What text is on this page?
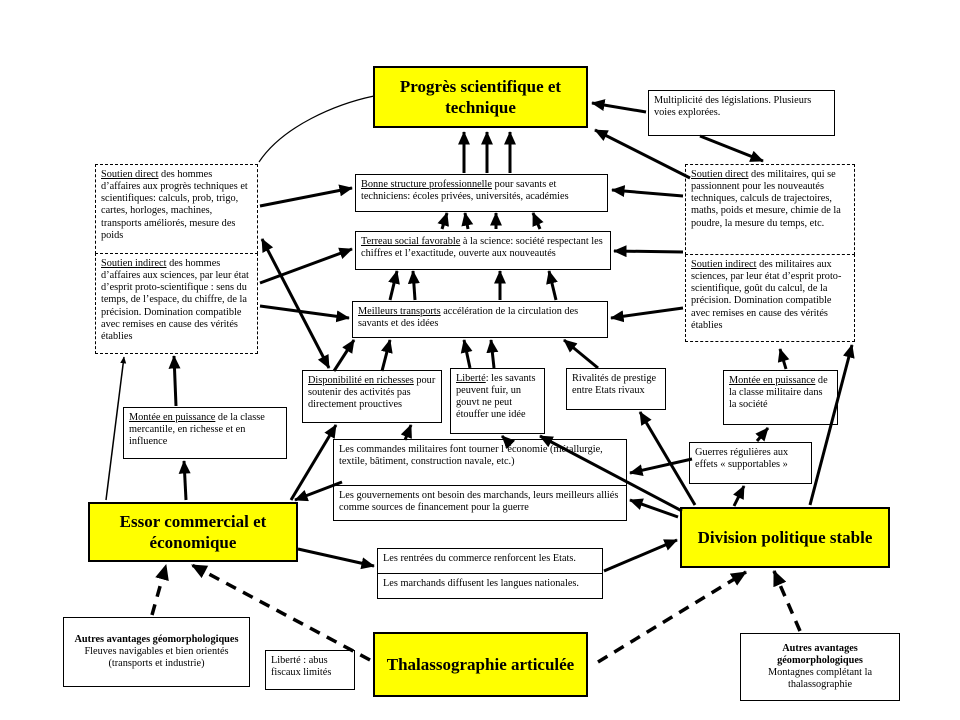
Progrès scientifique et technique
Essor commercial et économique	Division politique stable
Thalassographie articulée
Multiplicité des législations. Plusieurs voies explorées.
Soutien direct des hommes d’affaires aux progrès techniques et scientifiques: calculs, prob, trigo, cartes, horloges, machines, transports améliorés, mesure des poids
Soutien indirect des hommes d’affaires aux sciences, par leur état d’esprit proto-scientifique : sens du temps, de l’espace, du chiffre, de la précision. Domination compatible avec remises en cause des vérités établies
Soutien direct des militaires, qui se passionnent pour les nouveautés techniques, calculs de trajectoires, maths, poids et mesure, chimie de la poudre, la mesure du temps, etc.
Soutien indirect des militaires aux sciences, par leur état d’esprit proto-scientifique, goût du calcul, de la précision. Domination compatible avec remises en cause des vérités établies
Bonne structure professionnelle pour savants et techniciens: écoles privées, universités, académies
Terreau social favorable à la science: société respectant les chiffres et l’exactitude, ouverte aux nouveautés
Meilleurs transports accélération de la circulation des savants et des idées
Disponibilité en richesses pour soutenir des activités pas directement prouctives
Liberté: les savants peuvent fuir, un gouvt ne peut étouffer une idée
Rivalités de prestige entre Etats rivaux
Montée en puissance de la classe militaire dans la société
Montée en puissance de la classe mercantile, en richesse et en influence
Les commandes militaires font tourner l’économie (métallurgie, textile, bâtiment, construction navale, etc.)
Les gouvernements ont besoin des marchands, leurs meilleurs alliés comme sources de financement pour la guerre
Guerres régulières aux effets « supportables »
Les rentrées du commerce renforcent les Etats.
Les marchands diffusent les langues nationales.
Autres avantages géomorphologiques
Fleuves navigables et bien orientés (transports et industrie)	Liberté : abus fiscaux limités
Autres avantages géomorphologiques
Montagnes complétant la thalassographie
